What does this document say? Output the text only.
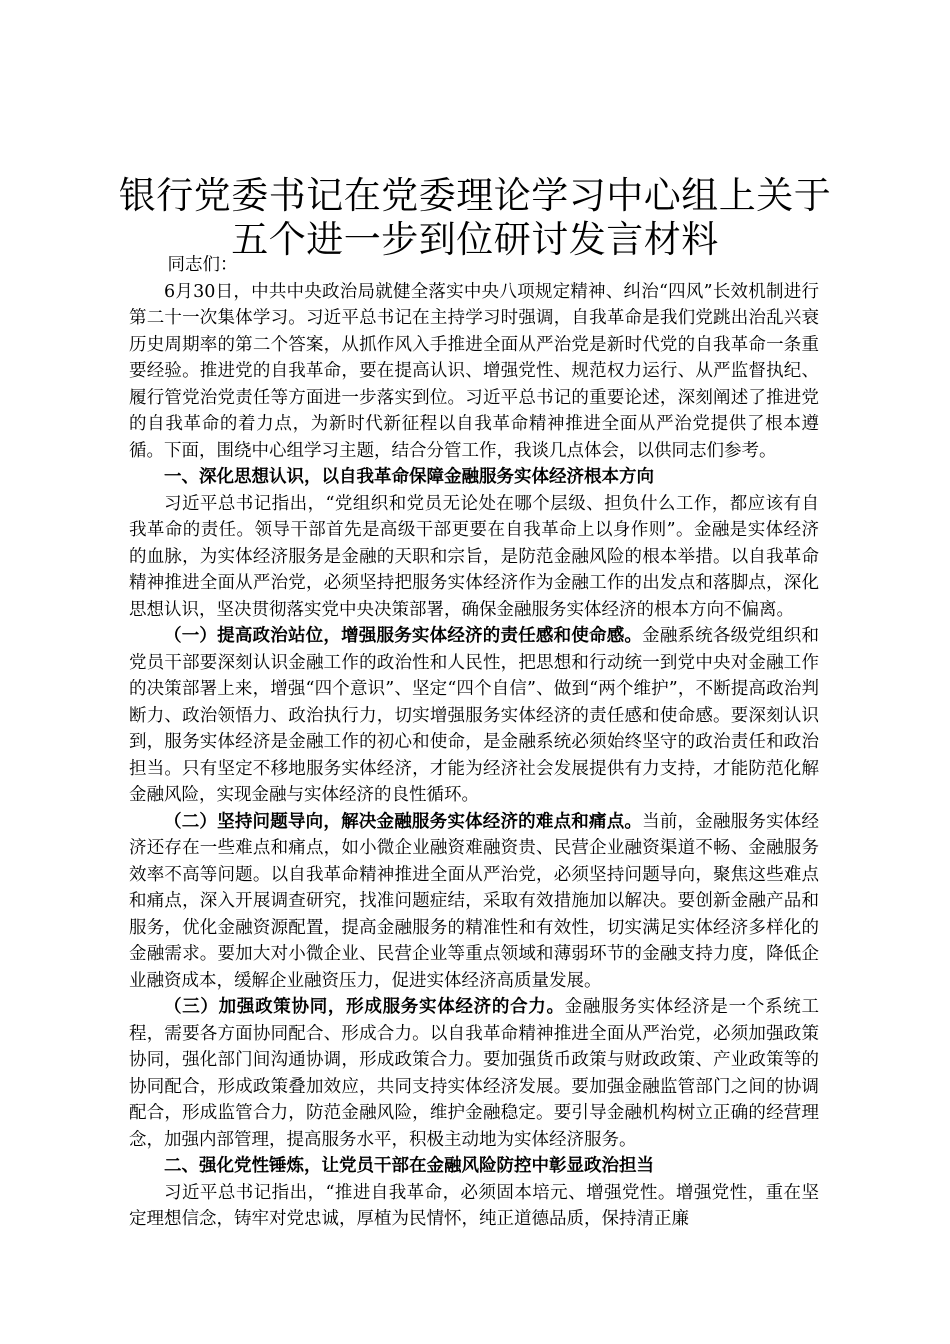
银行党委书记在党委理论学习中心组上关于五个进一步到位研讨发言材料

同志们：

6月30日，中共中央政治局就健全落实中央八项规定精神、纠治“四风”长效机制进行第二十一次集体学习。习近平总书记在主持学习时强调，自我革命是我们党跳出治乱兴衰历史周期率的第二个答案，从抓作风入手推进全面从严治党是新时代党的自我革命一条重要经验。推进党的自我革命，要在提高认识、增强党性、规范权力运行、从严监督执纪、履行管党治党责任等方面进一步落实到位。习近平总书记的重要论述，深刻阐述了推进党的自我革命的着力点，为新时代新征程以自我革命精神推进全面从严治党提供了根本遵循。下面，围绕中心组学习主题，结合分管工作，我谈几点体会，以供同志们参考。

一、深化思想认识，以自我革命保障金融服务实体经济根本方向

习近平总书记指出，“党组织和党员无论处在哪个层级、担负什么工作，都应该有自我革命的责任。领导干部首先是高级干部更要在自我革命上以身作则”。金融是实体经济的血脉，为实体经济服务是金融的天职和宗旨，是防范金融风险的根本举措。以自我革命精神推进全面从严治党，必须坚持把服务实体经济作为金融工作的出发点和落脚点，深化思想认识，坚决贯彻落实党中央决策部署，确保金融服务实体经济的根本方向不偏离。

（一）提高政治站位，增强服务实体经济的责任感和使命感。金融系统各级党组织和党员干部要深刻认识金融工作的政治性和人民性，把思想和行动统一到党中央对金融工作的决策部署上来，增强“四个意识”、坚定“四个自信”、做到“两个维护”，不断提高政治判断力、政治领悟力、政治执行力，切实增强服务实体经济的责任感和使命感。要深刻认识到，服务实体经济是金融工作的初心和使命，是金融系统必须始终坚守的政治责任和政治担当。只有坚定不移地服务实体经济，才能为经济社会发展提供有力支持，才能防范化解金融风险，实现金融与实体经济的良性循环。

（二）坚持问题导向，解决金融服务实体经济的难点和痛点。当前，金融服务实体经济还存在一些难点和痛点，如小微企业融资难融资贵、民营企业融资渠道不畅、金融服务效率不高等问题。以自我革命精神推进全面从严治党，必须坚持问题导向，聚焦这些难点和痛点，深入开展调查研究，找准问题症结，采取有效措施加以解决。要创新金融产品和服务，优化金融资源配置，提高金融服务的精准性和有效性，切实满足实体经济多样化的金融需求。要加大对小微企业、民营企业等重点领域和薄弱环节的金融支持力度，降低企业融资成本，缓解企业融资压力，促进实体经济高质量发展。

（三）加强政策协同，形成服务实体经济的合力。金融服务实体经济是一个系统工程，需要各方面协同配合、形成合力。以自我革命精神推进全面从严治党，必须加强政策协同，强化部门间沟通协调，形成政策合力。要加强货币政策与财政政策、产业政策等的协同配合，形成政策叠加效应，共同支持实体经济发展。要加强金融监管部门之间的协调配合，形成监管合力，防范金融风险，维护金融稳定。要引导金融机构树立正确的经营理念，加强内部管理，提高服务水平，积极主动地为实体经济服务。

二、强化党性锤炼，让党员干部在金融风险防控中彰显政治担当

习近平总书记指出，“推进自我革命，必须固本培元、增强党性。增强党性，重在坚定理想信念，铸牢对党忠诚，厚植为民情怀，纯正道德品质，保持清正廉
